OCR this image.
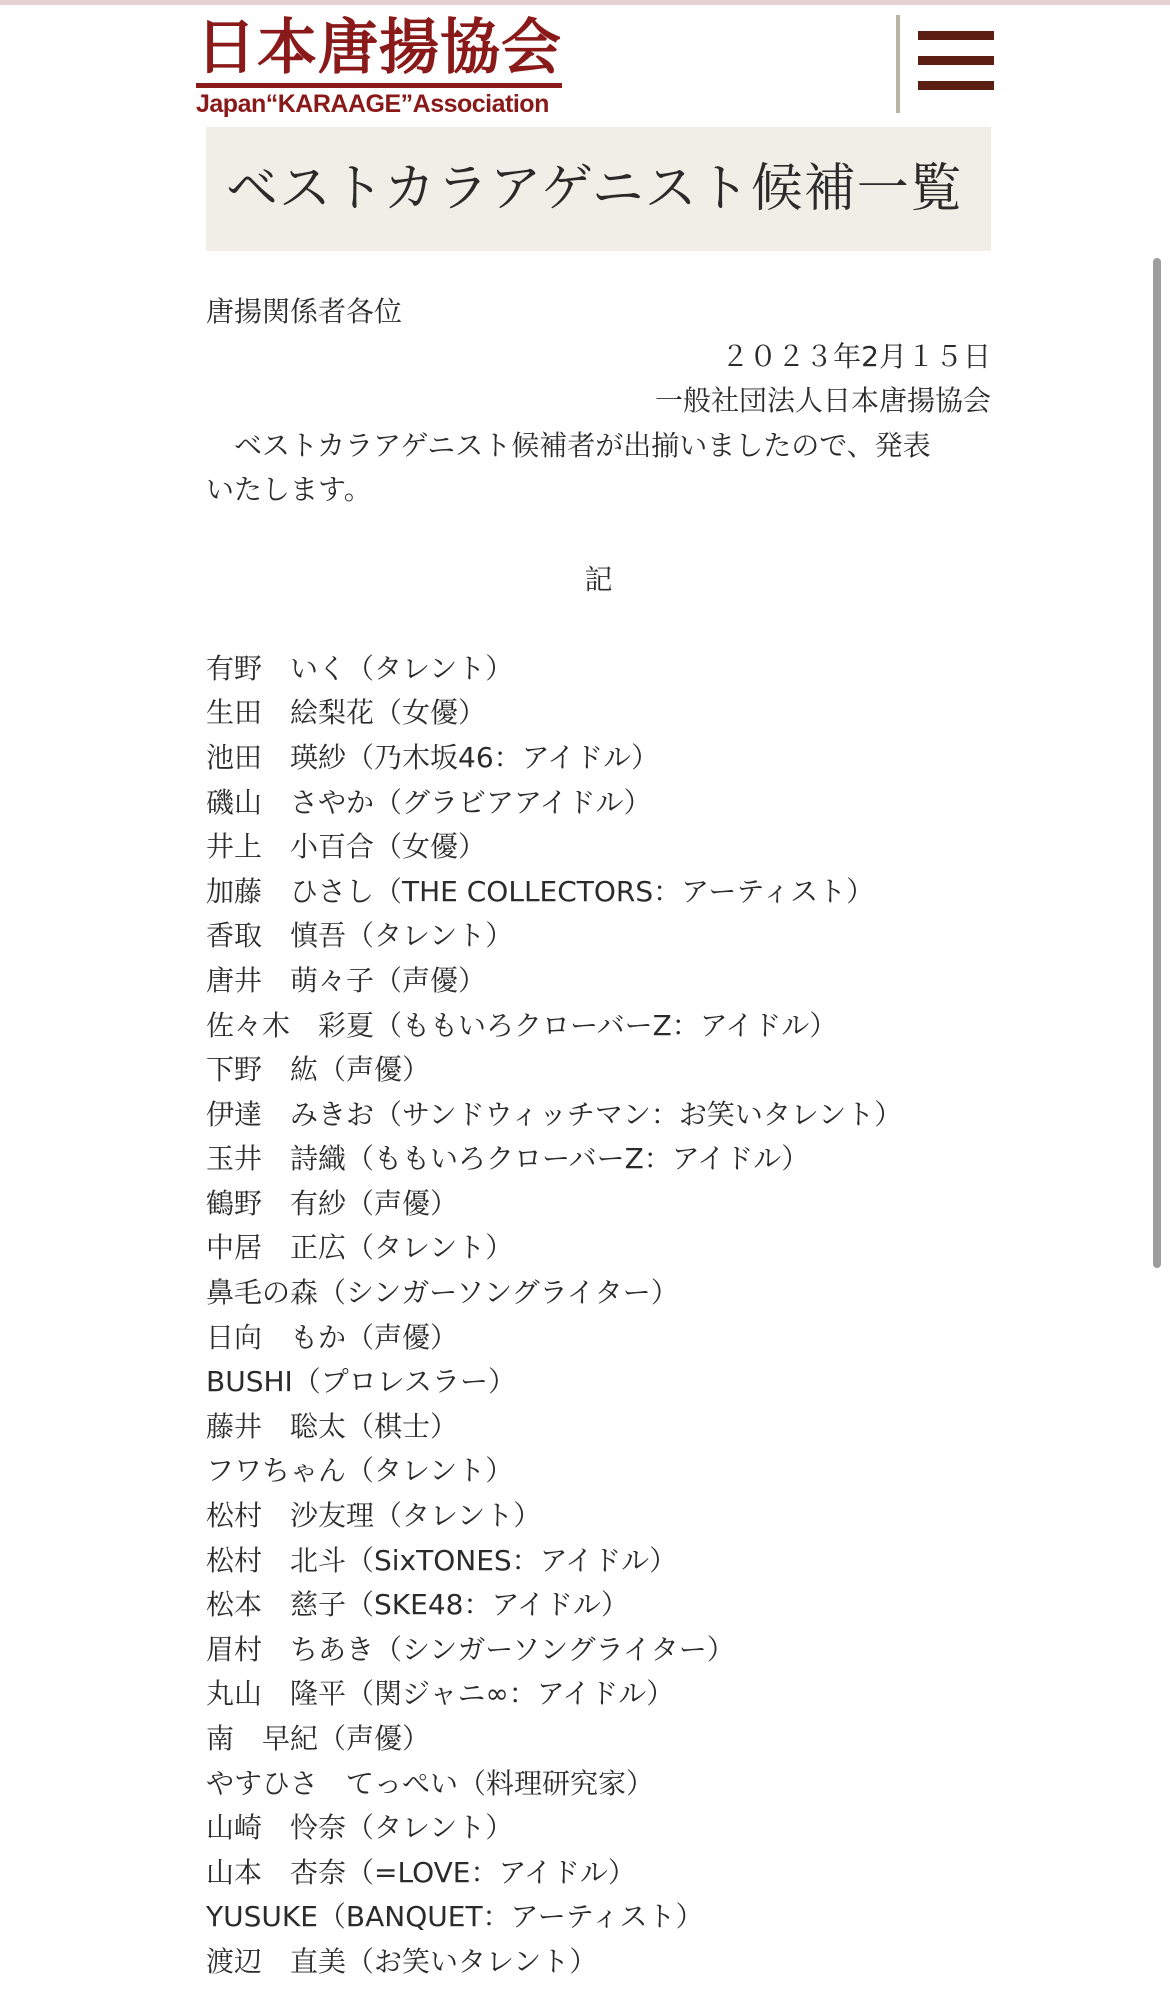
日本唐揚協会
Japan“KARAAGE”Association
ベストカラアゲニスト候補一覧
唐揚関係者各位
２０２３年2月１５日
一般社団法人日本唐揚協会
ベストカラアゲニスト候補者が出揃いましたので、発表
いたします。
記
有野　いく（タレント）
生田　絵梨花（女優）
池田　瑛紗（乃木坂46：アイドル）
磯山　さやか（グラビアアイドル）
井上　小百合（女優）
加藤　ひさし（THE COLLECTORS：アーティスト）
香取　慎吾（タレント）
唐井　萌々子（声優）
佐々木　彩夏（ももいろクローバーZ：アイドル）
下野　紘（声優）
伊達　みきお（サンドウィッチマン：お笑いタレント）
玉井　詩織（ももいろクローバーZ：アイドル）
鶴野　有紗（声優）
中居　正広（タレント）
鼻毛の森（シンガーソングライター）
日向　もか（声優）
BUSHI（プロレスラー）
藤井　聡太（棋士）
フワちゃん（タレント）
松村　沙友理（タレント）
松村　北斗（SixTONES：アイドル）
松本　慈子（SKE48：アイドル）
眉村　ちあき（シンガーソングライター）
丸山　隆平（関ジャニ∞：アイドル）
南　早紀（声優）
やすひさ　てっぺい（料理研究家）
山崎　怜奈（タレント）
山本　杏奈（=LOVE：アイドル）
YUSUKE（BANQUET：アーティスト）
渡辺　直美（お笑いタレント）
